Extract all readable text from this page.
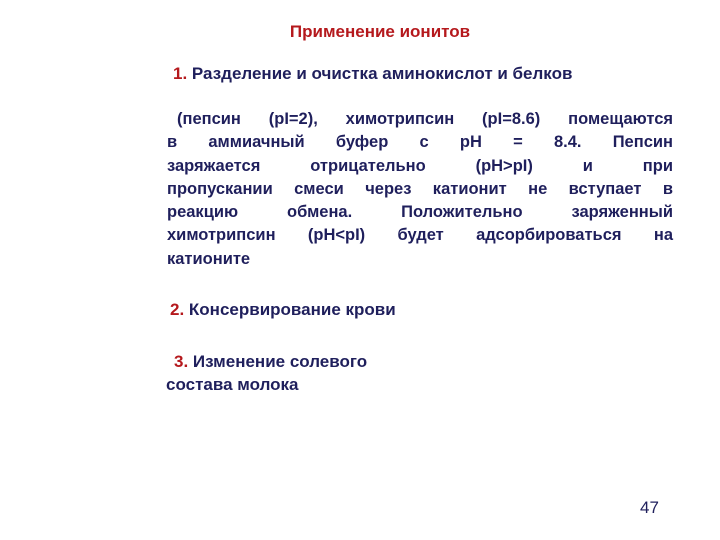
Применение ионитов
1. Разделение и очистка аминокислот и белков
(пепсин (pI=2), химотрипсин (pI=8.6) помещаются
в аммиачный буфер с pH = 8.4. Пепсин
заряжается отрицательно (pH>pI) и при
пропускании смеси через катионит не вступает в
реакцию обмена. Положительно заряженный
химотрипсин (pH<pI) будет адсорбироваться на
катионите
2. Консервирование крови
3. Изменение солевого
состава молока
47
